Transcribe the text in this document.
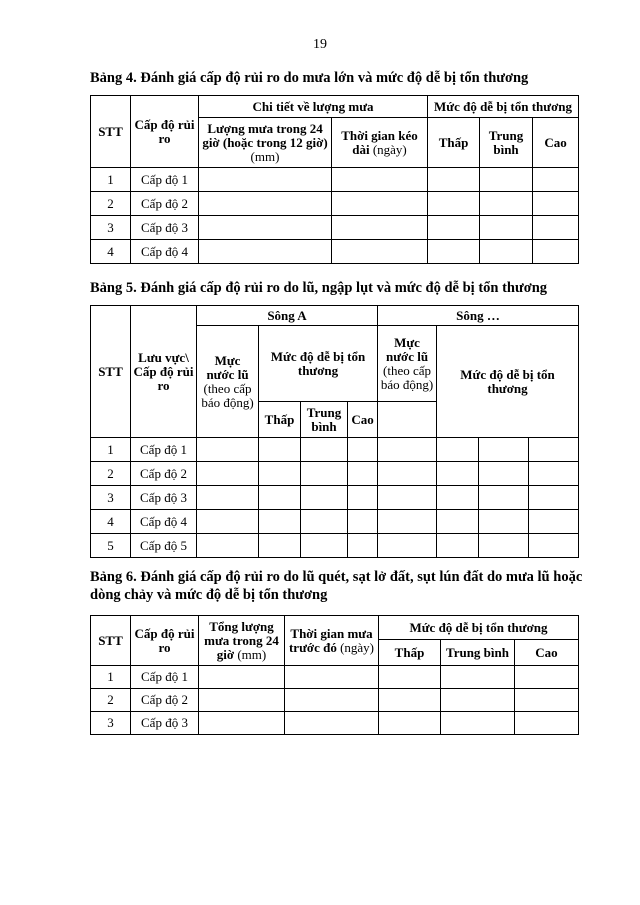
19
Bảng 4. Đánh giá cấp độ rủi ro do mưa lớn và mức độ dễ bị tổn thương
STT	Cấp độ rủi ro	Chi tiết về lượng mưa		Mức độ dễ bị tổn thương		
		Lượng mưa trong 24 giờ (hoặc trong 12 giờ) (mm)	Thời gian kéo dài (ngày)	Thấp	Trung bình	Cao
1	Cấp độ 1					
2	Cấp độ 2					
3	Cấp độ 3					
4	Cấp độ 4					
Bảng 5. Đánh giá cấp độ rủi ro do lũ, ngập lụt và mức độ dễ bị tổn thương
STT	Lưu vực\ Cấp độ rủi ro	Sông A				Sông …			
		Mực nước lũ (theo cấp báo động)	Mức độ dễ bị tổn thương			Mực nước lũ (theo cấp báo động)	Mức độ dễ bị tổn thương		
			Thấp	Trung bình	Cao				
1	Cấp độ 1								
2	Cấp độ 2								
3	Cấp độ 3								
4	Cấp độ 4								
5	Cấp độ 5								
Bảng 6. Đánh giá cấp độ rủi ro do lũ quét, sạt lở đất, sụt lún đất do mưa lũ hoặc dòng chảy và mức độ dễ bị tổn thương
STT	Cấp độ rủi ro	Tổng lượng mưa trong 24 giờ (mm)	Thời gian mưa trước đó (ngày)	Mức độ dễ bị tổn thương		
				Thấp	Trung bình	Cao
1	Cấp độ 1					
2	Cấp độ 2					
3	Cấp độ 3					
